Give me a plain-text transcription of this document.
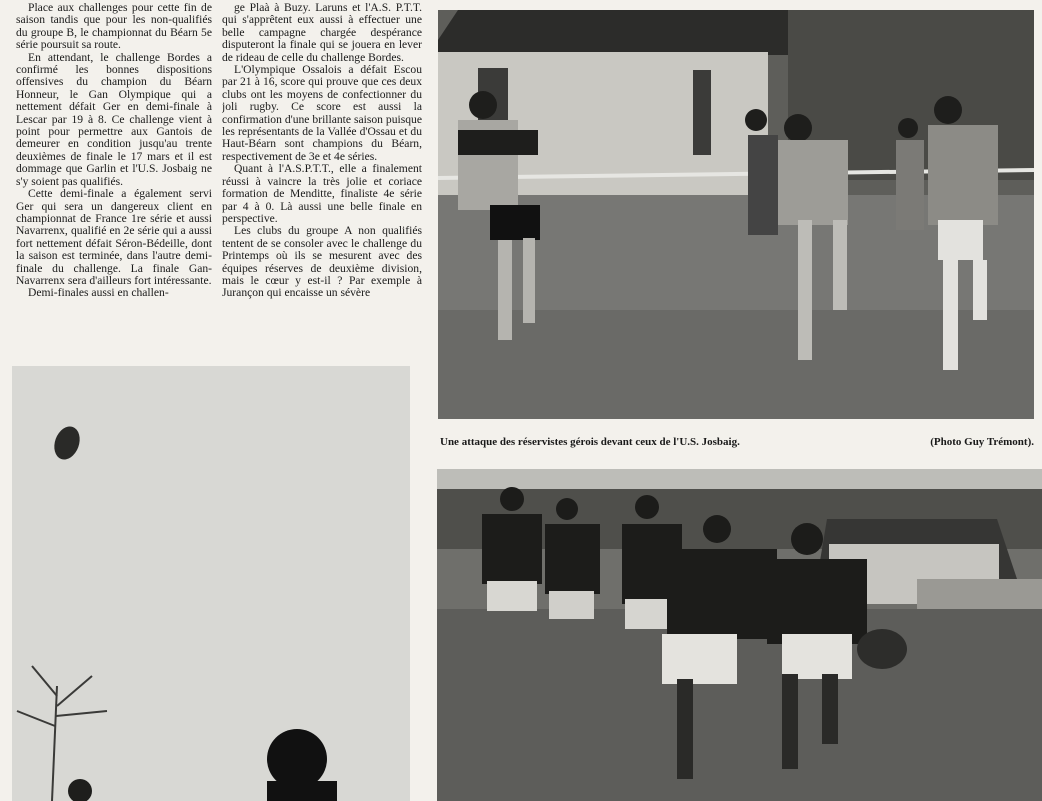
Place aux challenges pour cette fin de saison tandis que pour les non-qualifiés du groupe B, le championnat du Béarn 5e série poursuit sa route.

En attendant, le challenge Bordes a confirmé les bonnes dispositions offensives du champion du Béarn Honneur, le Gan Olympique qui a nettement défait Ger en demi-finale à Lescar par 19 à 8. Ce challenge vient à point pour permettre aux Gantois de demeurer en condition jusqu'au trente deuxièmes de finale le 17 mars et il est dommage que Garlin et l'U.S. Josbaig ne s'y soient pas qualifiés.

Cette demi-finale a également servi Ger qui sera un dangereux client en championnat de France 1re série et aussi Navarrenx, qualifié en 2e série qui a aussi fort nettement défait Séron-Bédeille, dont la saison est terminée, dans l'autre demi-finale du challenge. La finale Gan-Navarrenx sera d'ailleurs fort intéressante.

Demi-finales aussi en challen-

ge Plaà à Buzy. Laruns et l'A.S. P.T.T. qui s'apprêtent eux aussi à effectuer une belle campagne chargée despérance disputeront la finale qui se jouera en lever de rideau de celle du challenge Bordes.

L'Olympique Ossalois a défait Escou par 21 à 16, score qui prouve que ces deux clubs ont les moyens de confectionner du joli rugby. Ce score est aussi la confirmation d'une brillante saison puisque les représentants de la Vallée d'Ossau et du Haut-Béarn sont champions du Béarn, respectivement de 3e et 4e séries.

Quant à l'A.S.P.T.T., elle a finalement réussi à vaincre la très jolie et coriace formation de Menditte, finaliste 4e série par 4 à 0. Là aussi une belle finale en perspective.

Les clubs du groupe A non qualifiés tentent de se consoler avec le challenge du Printemps où ils se mesurent avec des équipes réserves de deuxième division, mais le cœur y est-il ? Par exemple à Jurançon qui encaisse un sévère

Une attaque des réservistes gérois devant ceux de l'U.S. Josbaig.	(Photo Guy Trémont).
